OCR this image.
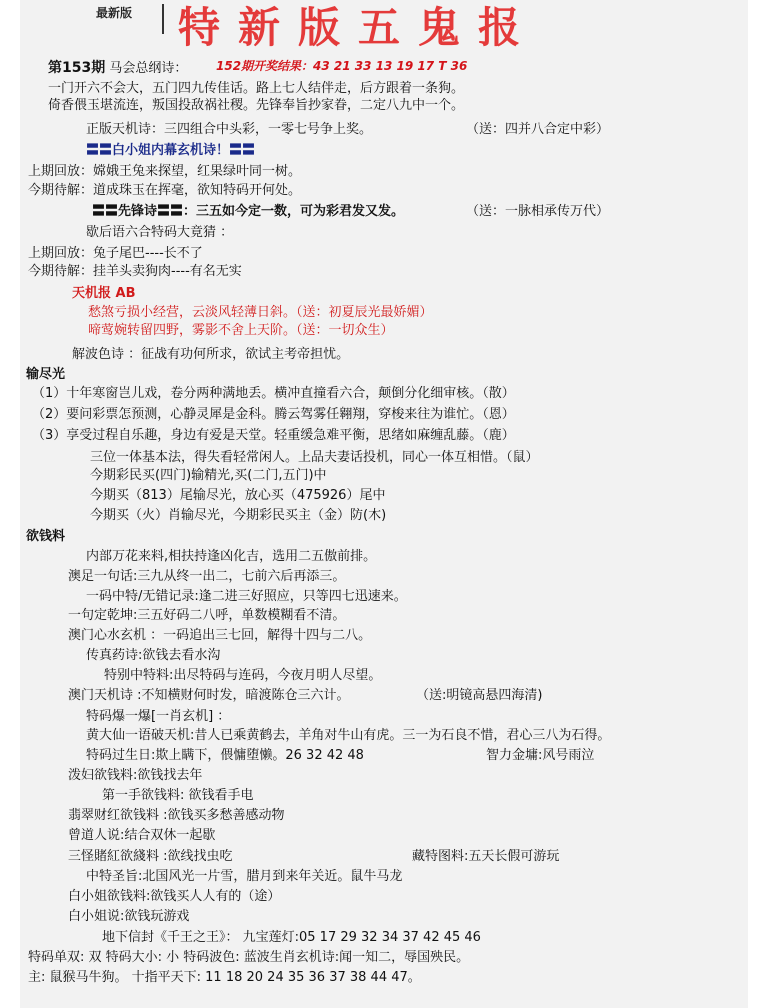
最新版 特新版五鬼报
152期开奖结果：43 21 33 13 19 17 T 36
第153期 马会总纲诗：
一门开六不会大，五门四九传佳话。路上七人结伴走，后方跟着一条狗。
倚香偎玉堪流连，叛国投敌祸社稷。先锋奉旨抄家眷，二定八九中一个。
正版天机诗：三四组合中头彩，一零七号争上奖。	（送：四并八合定中彩）
〓〓白小姐内幕玄机诗！〓〓
上期回放：嫦娥王兔来探望，红果绿叶同一树。
今期待解：道成珠玉在挥毫，欲知特码开何处。
〓〓先锋诗〓〓：三五如今定一数，可为彩君发又发。	（送：一脉相承传万代）
歇后语六合特码大竟猜 ：
上期回放：兔子尾巴----长不了
今期待解：挂羊头卖狗肉----有名无实
天机报 AB
愁煞亏损小经营，云淡风轻薄日斜。（送：初夏辰光最娇媚）
啼莺婉转留四野，雾影不舍上天阶。（送：一切众生）
解波色诗 ：征战有功何所求，欲试主考帝担忧。
输尽光
（1）十年寒窗岂儿戏，卷分两种满地丢。横冲直撞看六合，颠倒分化细审核。（散）
（2）要问彩票怎预测，心静灵犀是金科。腾云驾雾任翱翔，穿梭来往为谁忙。（恩）
（3）享受过程自乐趣，身边有爱是天堂。轻重缓急难平衡，思绪如麻缠乱藤。（鹿）
三位一体基本法，得失看轻常闲人。上品夫妻话投机，同心一体互相惜。（鼠）
今期彩民买(四门)输精光,买(二门,五门)中
今期买（813）尾输尽光，放心买（475926）尾中
今期买（火）肖输尽光，今期彩民买主（金）防(木)
欲钱料
内部万花来料,相扶持逢凶化吉，选用二五傲前排。
澳足一句话:三九从终一出二，七前六后再添三。
一码中特/无错记录:逢二进三好照应，只等四七迅速来。
一句定乾坤:三五好码二八呼，单数模糊看不清。
澳门心水玄机 ：一码追出三七回，解得十四与二八。
传真药诗:欲钱去看水沟
特别中特料:出尽特码与连码，今夜月明人尽望。
澳门天机诗 :不知横财何时发，暗渡陈仓三六计。	（送:明镜高悬四海清)
特码爆一爆[一肖玄机] ：
黄大仙一语破天机:昔人已乘黄鹤去，羊角对牛山有虎。三一为石良不惜，君心三八为石得。
特码过生日:欺上瞒下，偎慵堕懒。26 32 42 48	智力金墉:风号雨泣
泼妇欲钱料:欲钱找去年
第一手欲钱料: 欲钱看手电
翡翠财红欲钱料 :欲钱买多愁善感动物
曾道人说:结合双休一起歇
三怪賭紅欲綫料 :欲线找虫吃	藏特图料:五天长假可游玩
中特圣旨:北国风光一片雪，腊月到来年关近。鼠牛马龙
白小姐欲钱料:欲钱买人人有的（途）
白小姐说:欲钱玩游戏
地下信封《千王之王》： 九宝莲灯:05 17 29 32 34 37 42 45 46
特码单双: 双 特码大小: 小 特码波色: 蓝波生肖玄机诗:闻一知二，辱国殃民。
主: 鼠猴马牛狗。 十指平天下: 11 18 20 24 35 36 37 38 44 47。
